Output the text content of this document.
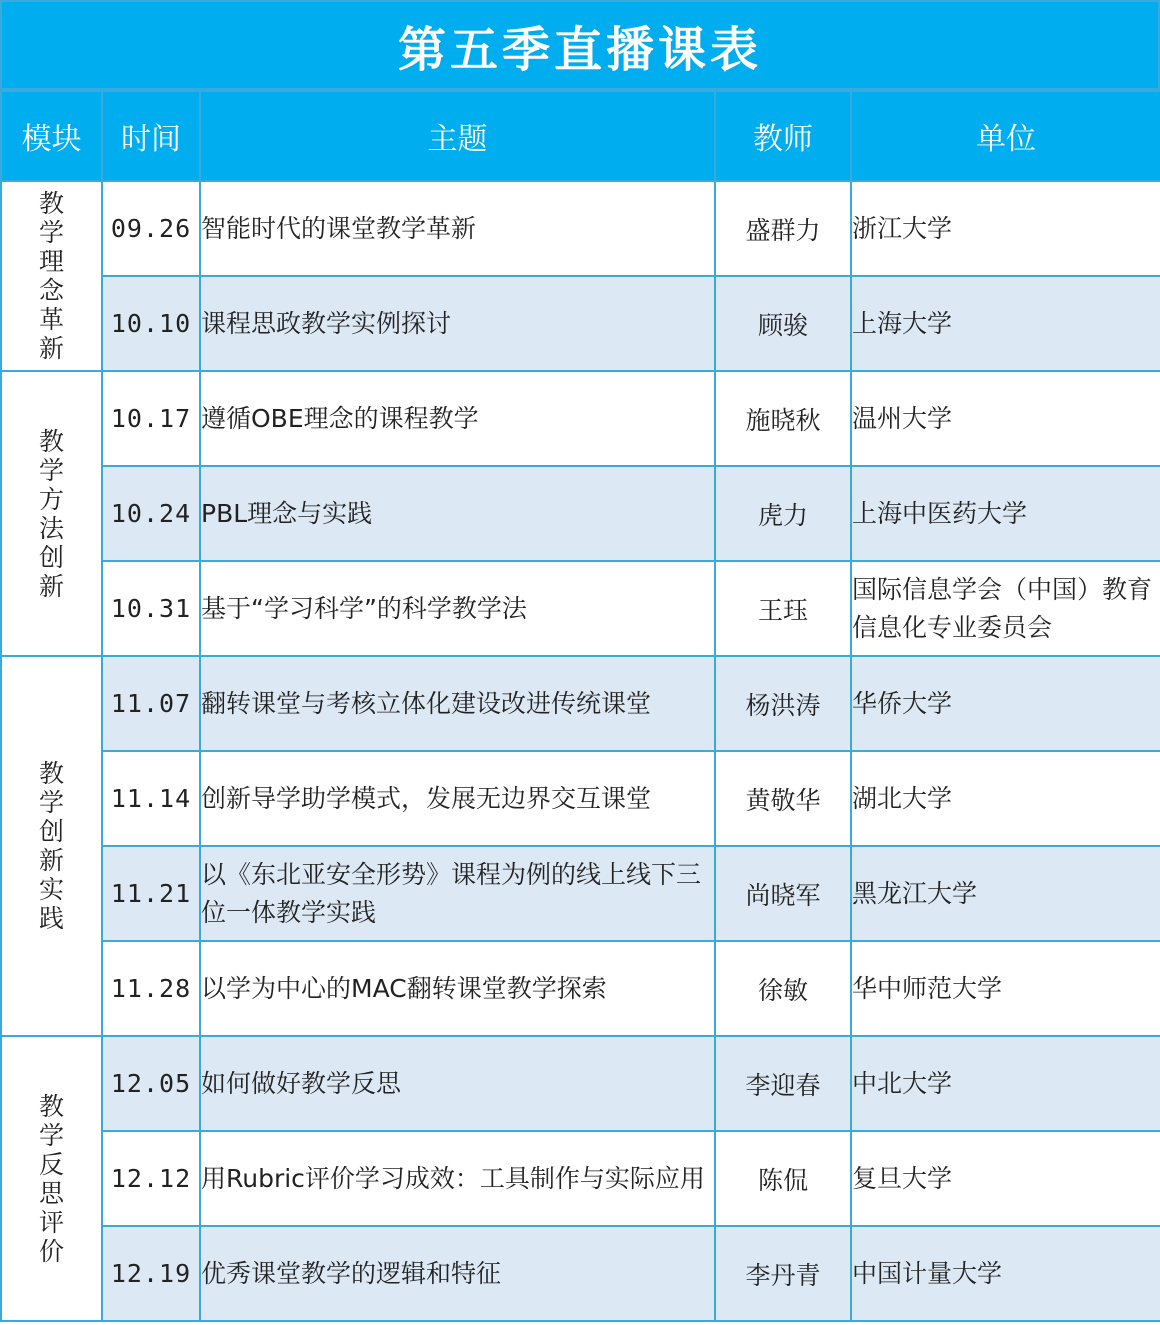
第五季直播课表
模块	时间	主题	教师	单位
教学理念革新	09.26	智能时代的课堂教学革新	盛群力	浙江大学
	10.10	课程思政教学实例探讨	顾骏	上海大学
教学方法创新	10.17	遵循OBE理念的课程教学	施晓秋	温州大学
	10.24	PBL理念与实践	虎力	上海中医药大学
	10.31	基于“学习科学”的科学教学法	王珏	国际信息学会（中国）教育信息化专业委员会
教学创新实践	11.07	翻转课堂与考核立体化建设改进传统课堂	杨洪涛	华侨大学
	11.14	创新导学助学模式，发展无边界交互课堂	黄敬华	湖北大学
	11.21	以《东北亚安全形势》课程为例的线上线下三位一体教学实践	尚晓军	黑龙江大学
	11.28	以学为中心的MAC翻转课堂教学探索	徐敏	华中师范大学
教学反思评价	12.05	如何做好教学反思	李迎春	中北大学
	12.12	用Rubric评价学习成效：工具制作与实际应用	陈侃	复旦大学
	12.19	优秀课堂教学的逻辑和特征	李丹青	中国计量大学
